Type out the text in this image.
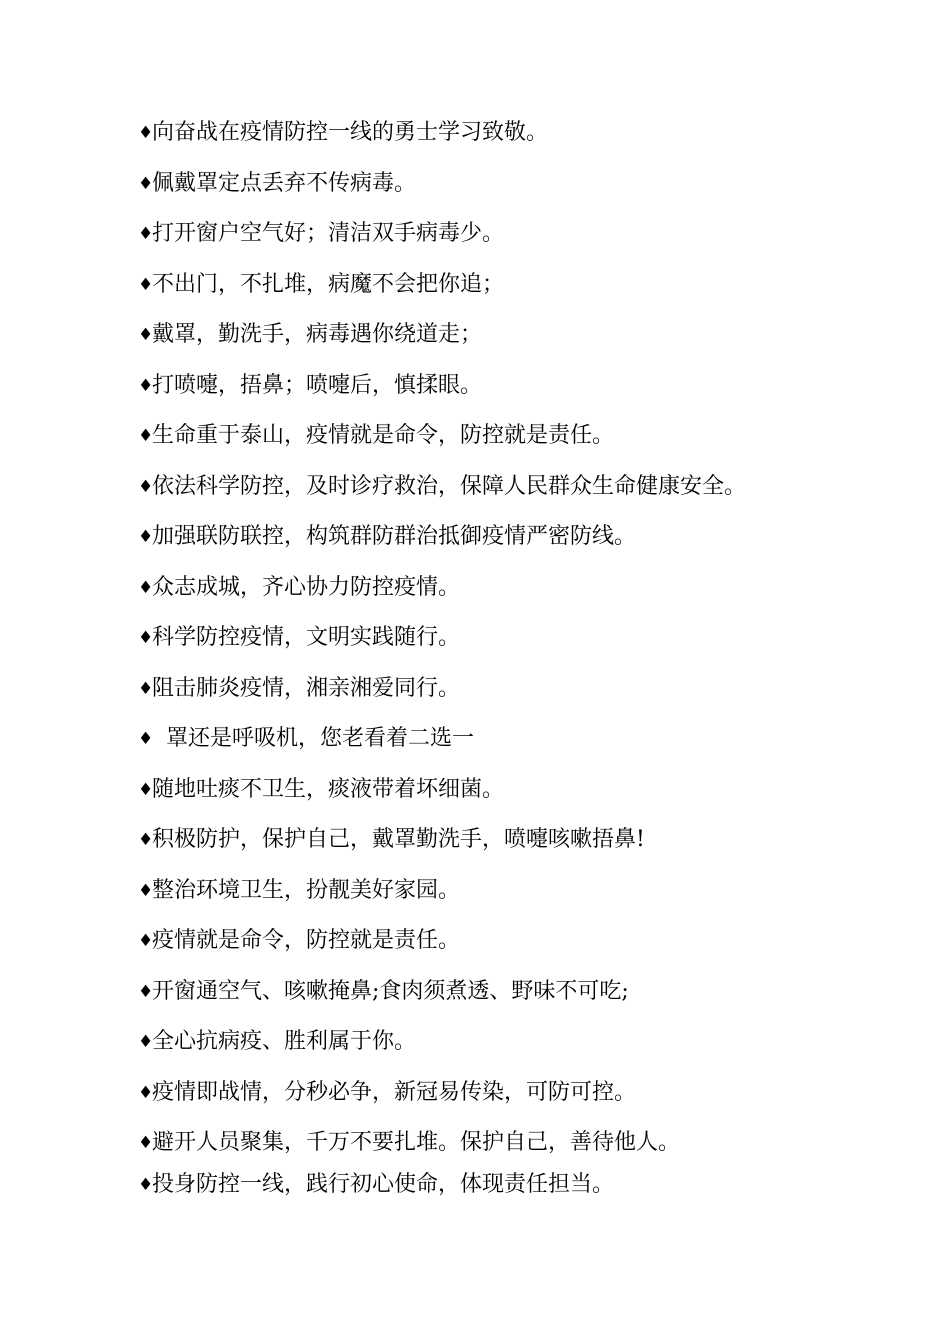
♦
向奋战在疫情防控一线的勇士学习致敬。
♦
佩戴罩定点丢弃不传病毒。
♦
打开窗户空气好；清洁双手病毒少。
♦
不出门，不扎堆，病魔不会把你追；
♦
戴罩，勤洗手，病毒遇你绕道走；
♦
打喷嚏，捂鼻；喷嚏后，慎揉眼。
♦
生命重于泰山，疫情就是命令，防控就是责任。
♦
依法科学防控，及时诊疗救治，保障人民群众生命健康安全。
♦
加强联防联控，构筑群防群治抵御疫情严密防线。
♦
众志成城，齐心协力防控疫情。
♦
科学防控疫情，文明实践随行。
♦
阻击肺炎疫情，湘亲湘爱同行。
♦ 罩还是呼吸机，您老看着二选一
♦
随地吐痰不卫生，痰液带着坏细菌。
♦
积极防护，保护自己，戴罩勤洗手，喷嚏咳嗽捂鼻!
♦
整治环境卫生，扮靓美好家园。
♦
疫情就是命令，防控就是责任。
♦
开窗通空气、咳嗽掩鼻;食肉须煮透、野味不可吃;
♦
全心抗病疫、胜利属于你。
♦
疫情即战情，分秒必争，新冠易传染，可防可控。
♦
避开人员聚集，千万不要扎堆。保护自己，善待他人。
♦
投身防控一线，践行初心使命，体现责任担当。
